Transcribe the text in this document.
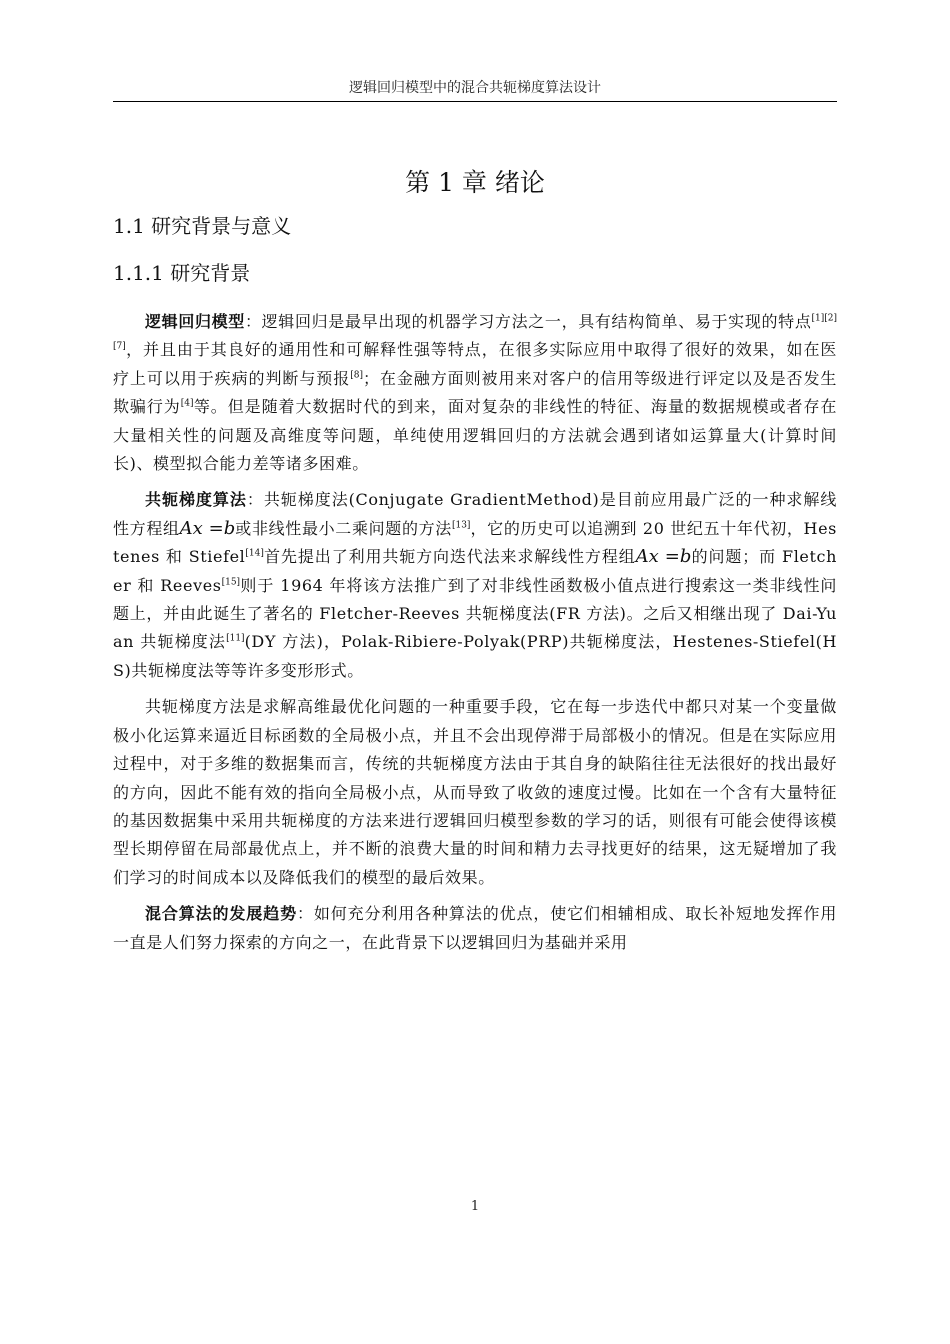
逻辑回归模型中的混合共轭梯度算法设计
第 1 章 绪论
1.1 研究背景与意义
1.1.1 研究背景

逻辑回归模型：逻辑回归是最早出现的机器学习方法之一，具有结构简单、易于实现的特点[1][2][7]，并且由于其良好的通用性和可解释性强等特点，在很多实际应用中取得了很好的效果，如在医疗上可以用于疾病的判断与预报[8]；在金融方面则被用来对客户的信用等级进行评定以及是否发生欺骗行为[4]等。但是随着大数据时代的到来，面对复杂的非线性的特征、海量的数据规模或者存在大量相关性的问题及高维度等问题，单纯使用逻辑回归的方法就会遇到诸如运算量大(计算时间长)、模型拟合能力差等诸多困难。

共轭梯度算法：共轭梯度法(Conjugate GradientMethod)是目前应用最广泛的一种求解线性方程组Ax =b或非线性最小二乘问题的方法[13]，它的历史可以追溯到 20 世纪五十年代初，Hestenes 和 Stiefel[14]首先提出了利用共轭方向迭代法来求解线性方程组Ax =b的问题；而 Fletcher 和 Reeves[15]则于 1964 年将该方法推广到了对非线性函数极小值点进行搜索这一类非线性问题上，并由此诞生了著名的 Fletcher-Reeves 共轭梯度法(FR 方法)。之后又相继出现了 Dai-Yuan 共轭梯度法[11](DY 方法)，Polak-Ribiere-Polyak(PRP)共轭梯度法，Hestenes-Stiefel(HS)共轭梯度法等等许多变形形式。

共轭梯度方法是求解高维最优化问题的一种重要手段，它在每一步迭代中都只对某一个变量做极小化运算来逼近目标函数的全局极小点，并且不会出现停滞于局部极小的情况。但是在实际应用过程中，对于多维的数据集而言，传统的共轭梯度方法由于其自身的缺陷往往无法很好的找出最好的方向，因此不能有效的指向全局极小点，从而导致了收敛的速度过慢。比如在一个含有大量特征的基因数据集中采用共轭梯度的方法来进行逻辑回归模型参数的学习的话，则很有可能会使得该模型长期停留在局部最优点上，并不断的浪费大量的时间和精力去寻找更好的结果，这无疑增加了我们学习的时间成本以及降低我们的模型的最后效果。

混合算法的发展趋势：如何充分利用各种算法的优点，使它们相辅相成、取长补短地发挥作用一直是人们努力探索的方向之一，在此背景下以逻辑回归为基础并采用

1
